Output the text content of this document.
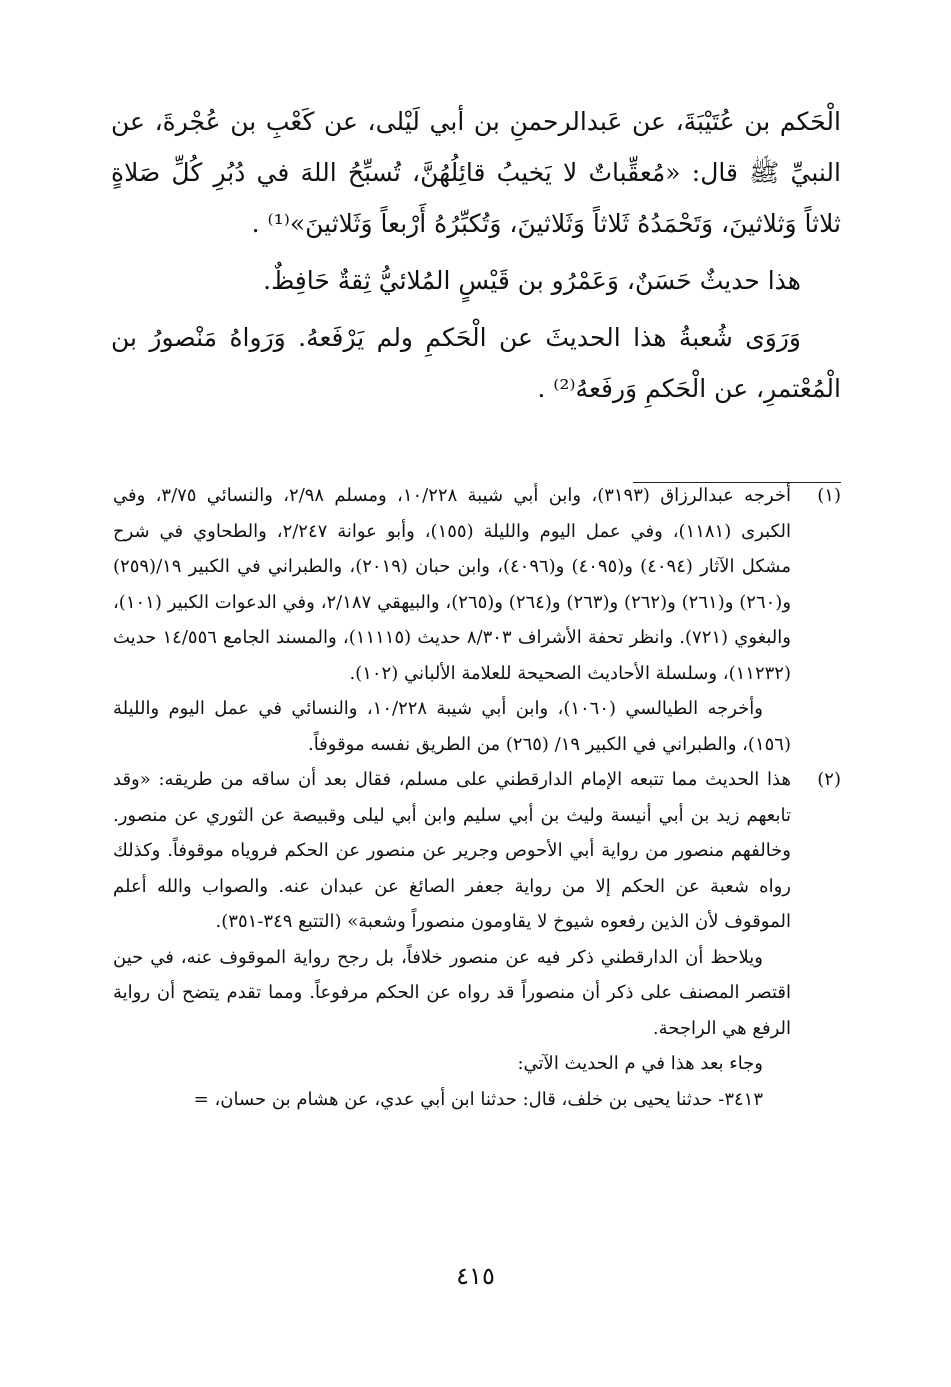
الْحَكم بن عُتَيْبَةَ، عن عَبدالرحمنِ بن أبي لَيْلى، عن كَعْبِ بن عُجْرةَ، عن النبيِّ ﷺ قال: «مُعقِّباتٌ لا يَخيبُ قائِلُهُنَّ، تُسبِّحُ اللهَ في دُبُرِ كُلِّ صَلاةٍ ثلاثاً وَثلاثينَ، وَتَحْمَدُهُ ثَلاثاً وَثَلاثينَ، وَتُكبِّرُهُ أَرْبعاً وَثَلاثينَ»⁽¹⁾ .

هذا حديثٌ حَسَنٌ، وَعَمْرُو بن قَيْسٍ المُلائيُّ ثِقةٌ حَافِظٌ.

وَرَوَى شُعبةُ هذا الحديثَ عن الْحَكمِ ولم يَرْفَعهُ. وَرَواهُ مَنْصورُ بن الْمُعْتمرِ، عن الْحَكمِ وَرفَعهُ⁽²⁾ .

(١)

أخرجه عبدالرزاق (٣١٩٣)، وابن أبي شيبة ١٠/٢٢٨، ومسلم ٢/٩٨، والنسائي ٣/٧٥، وفي الكبرى (١١٨١)، وفي عمل اليوم والليلة (١٥٥)، وأبو عوانة ٢/٢٤٧، والطحاوي في شرح مشكل الآثار (٤٠٩٤) و(٤٠٩٥) و(٤٠٩٦)، وابن حبان (٢٠١٩)، والطبراني في الكبير ١٩/(٢٥٩) و(٢٦٠) و(٢٦١) و(٢٦٢) و(٢٦٣) و(٢٦٤) و(٢٦٥)، والبيهقي ٢/١٨٧، وفي الدعوات الكبير (١٠١)، والبغوي (٧٢١). وانظر تحفة الأشراف ٨/٣٠٣ حديث (١١١١٥)، والمسند الجامع ١٤/٥٥٦ حديث (١١٢٣٢)، وسلسلة الأحاديث الصحيحة للعلامة الألباني (١٠٢).

وأخرجه الطيالسي (١٠٦٠)، وابن أبي شيبة ١٠/٢٢٨، والنسائي في عمل اليوم والليلة (١٥٦)، والطبراني في الكبير ١٩/ (٢٦٥) من الطريق نفسه موقوفاً.

(٢)

هذا الحديث مما تتبعه الإمام الدارقطني على مسلم، فقال بعد أن ساقه من طريقه: «وقد تابعهم زيد بن أبي أنيسة وليث بن أبي سليم وابن أبي ليلى وقبيصة عن الثوري عن منصور. وخالفهم منصور من رواية أبي الأحوص وجرير عن منصور عن الحكم فروياه موقوفاً. وكذلك رواه شعبة عن الحكم إلا من رواية جعفر الصائغ عن عبدان عنه. والصواب والله أعلم الموقوف لأن الذين رفعوه شيوخ لا يقاومون منصوراً وشعبة» (التتبع ٣٤٩-٣٥١).

ويلاحظ أن الدارقطني ذكر فيه عن منصور خلافاً، بل رجح رواية الموقوف عنه، في حين اقتصر المصنف على ذكر أن منصوراً قد رواه عن الحكم مرفوعاً. ومما تقدم يتضح أن رواية الرفع هي الراجحة.

وجاء بعد هذا في م الحديث الآتي:

٣٤١٣- حدثنا يحيى بن خلف، قال: حدثنا ابن أبي عدي، عن هشام بن حسان، =

٤١٥
